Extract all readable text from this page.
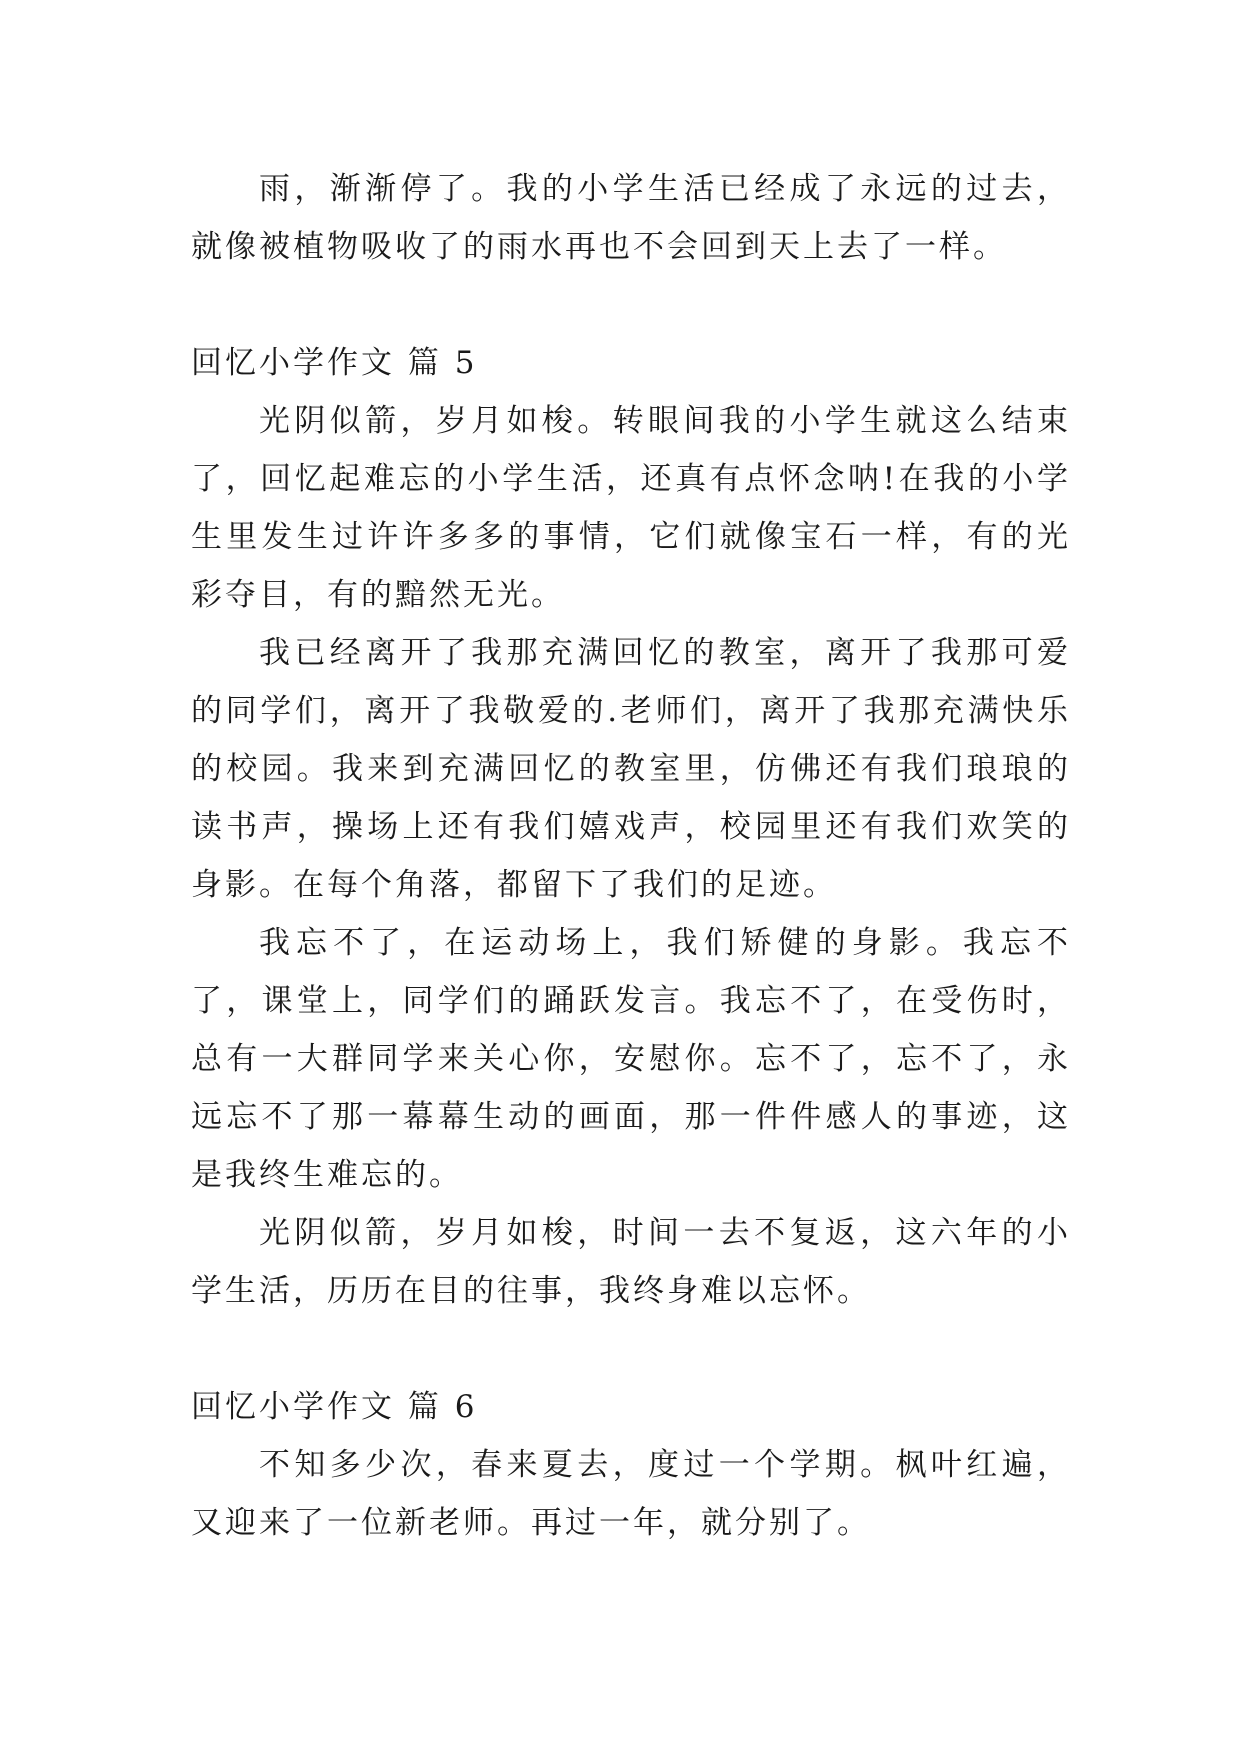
雨，渐渐停了。我的小学生活已经成了永远的过去，就像被植物吸收了的雨水再也不会回到天上去了一样。

回忆小学作文 篇 5

光阴似箭，岁月如梭。转眼间我的小学生就这么结束了，回忆起难忘的小学生活，还真有点怀念呐!在我的小学生里发生过许许多多的事情，它们就像宝石一样，有的光彩夺目，有的黯然无光。

我已经离开了我那充满回忆的教室，离开了我那可爱的同学们，离开了我敬爱的.老师们，离开了我那充满快乐的校园。我来到充满回忆的教室里，仿佛还有我们琅琅的读书声，操场上还有我们嬉戏声，校园里还有我们欢笑的身影。在每个角落，都留下了我们的足迹。

我忘不了，在运动场上，我们矫健的身影。我忘不了，课堂上，同学们的踊跃发言。我忘不了，在受伤时，总有一大群同学来关心你，安慰你。忘不了，忘不了，永远忘不了那一幕幕生动的画面，那一件件感人的事迹，这是我终生难忘的。

光阴似箭，岁月如梭，时间一去不复返，这六年的小学生活，历历在目的往事，我终身难以忘怀。

回忆小学作文 篇 6

不知多少次，春来夏去，度过一个学期。枫叶红遍，又迎来了一位新老师。再过一年，就分别了。
